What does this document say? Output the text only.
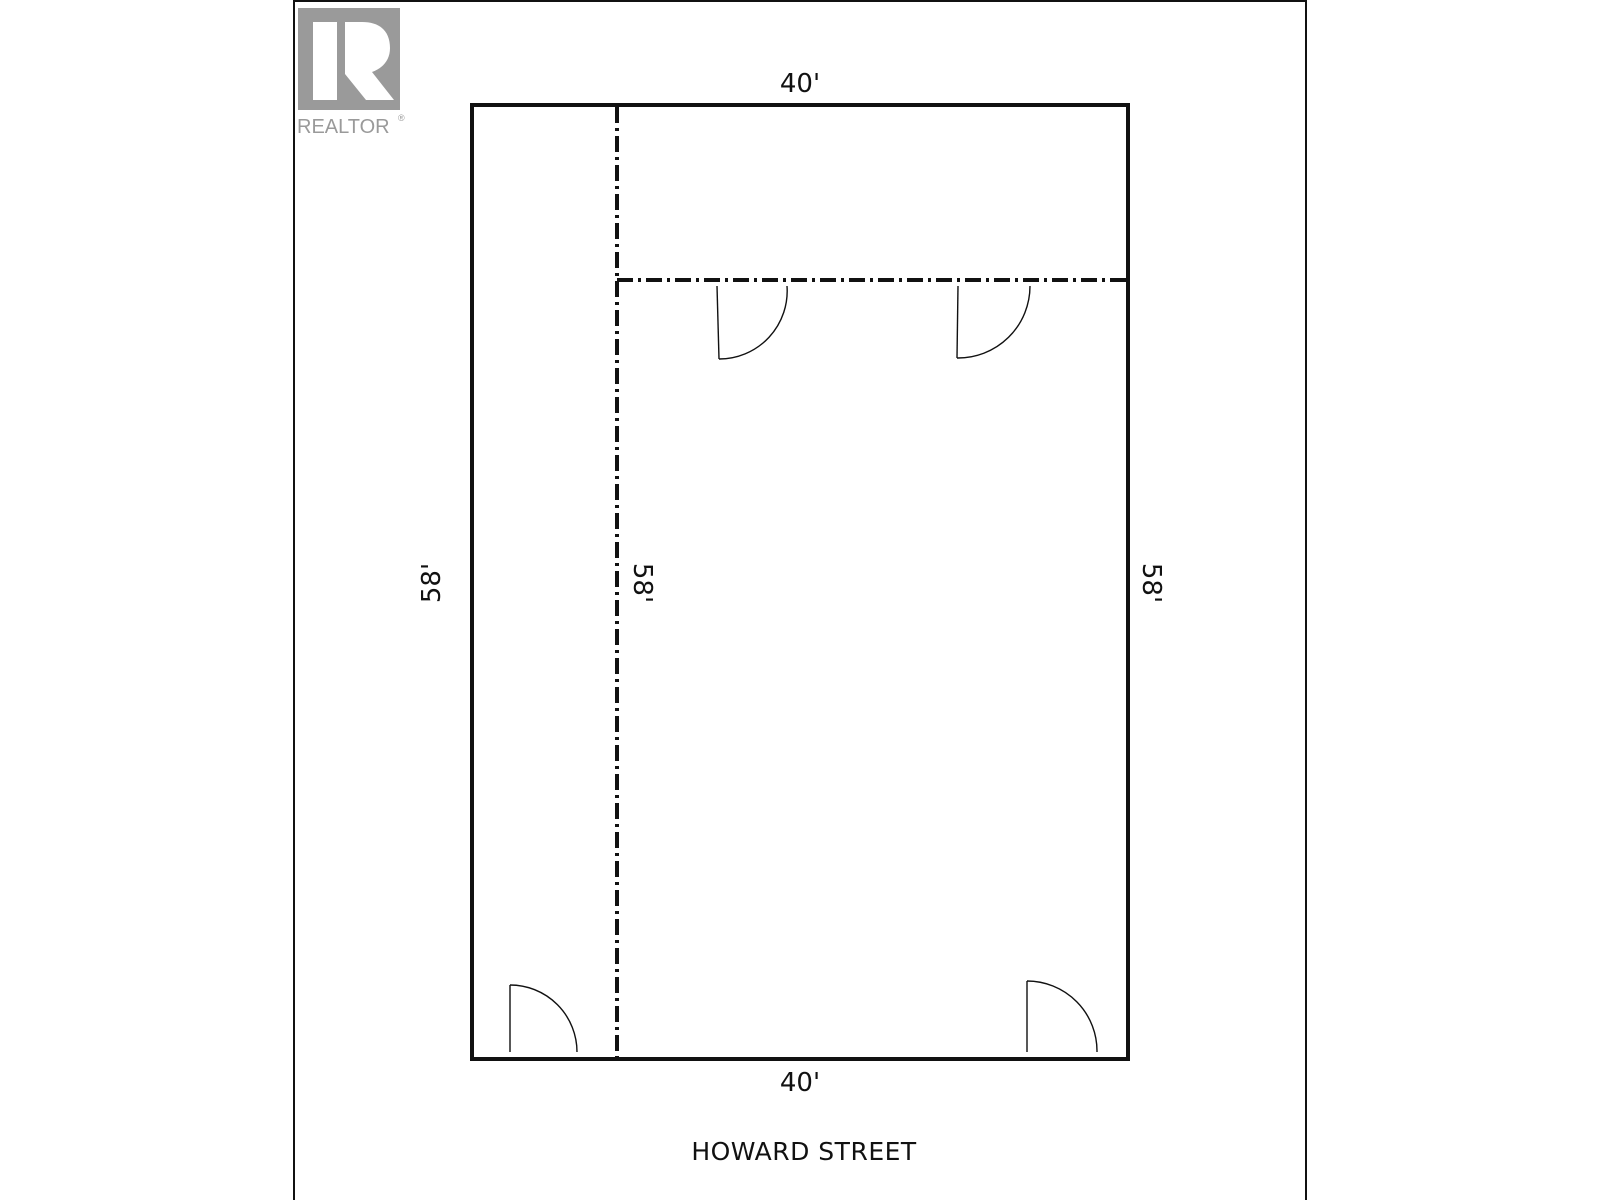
REALTOR ®
40'
40'
58'	58'	58'
HOWARD STREET
